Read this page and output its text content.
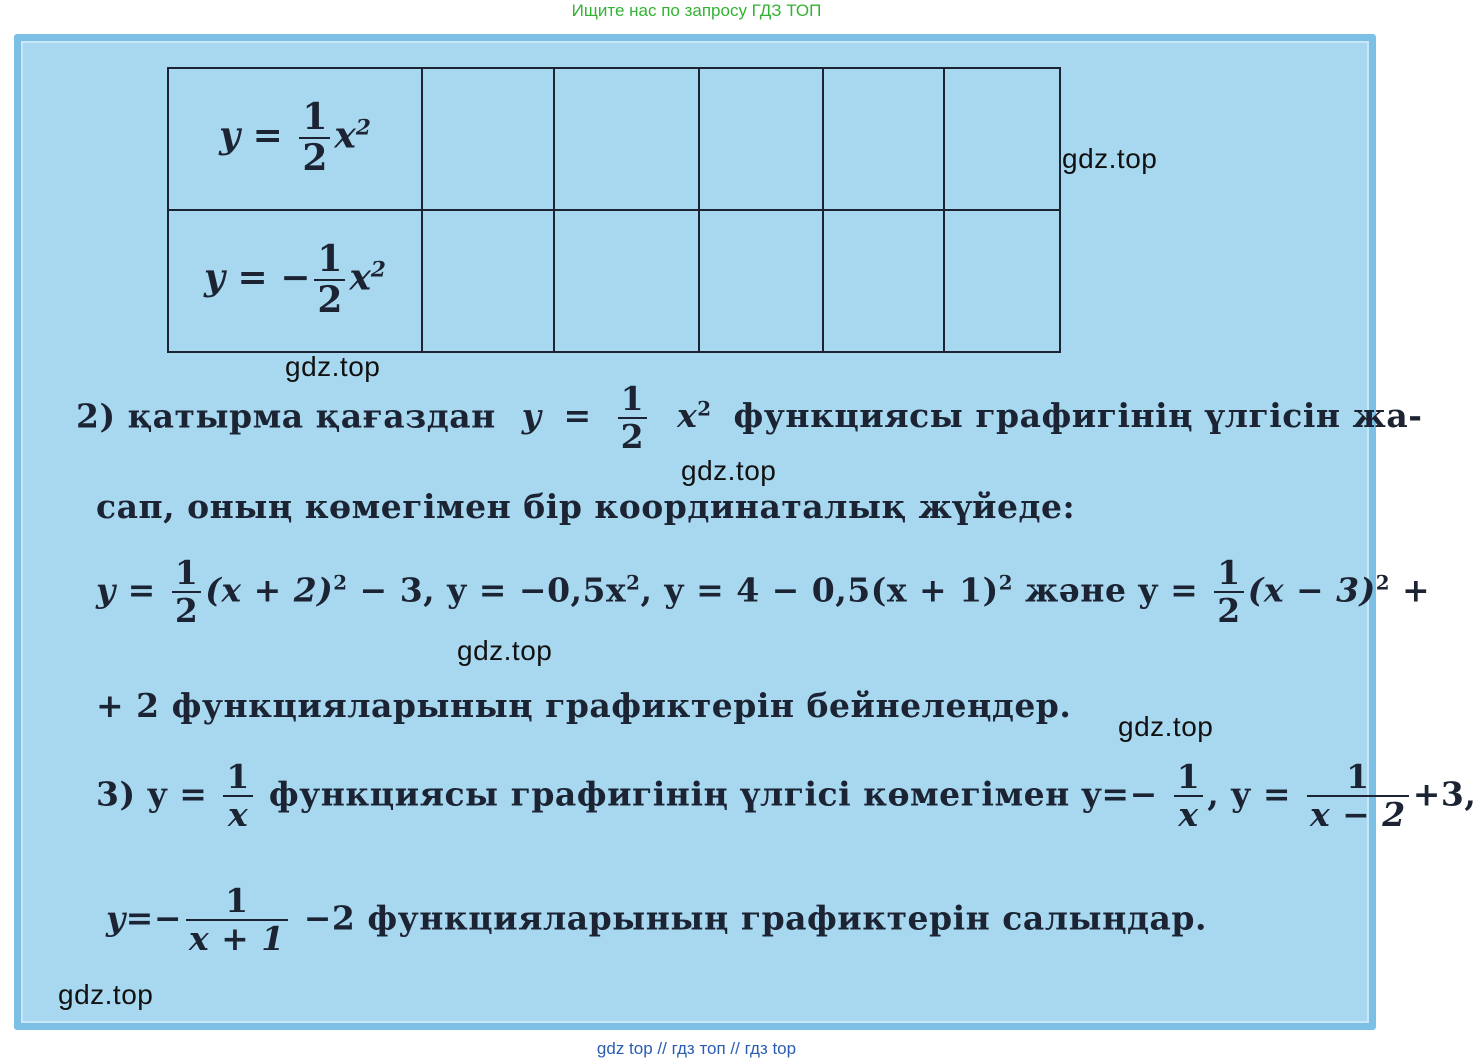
Ищите нас по запросу ГДЗ ТОП
$y = \frac{1}{2} x^2$					
y = − $\frac{1}{2} x^2$					
2) қатырма қағаздан $y = \frac{1}{2} x^2$ функциясы графигінің үлгісін жа-
сап, оның көмегімен бір координаталық жүйеде:
$y = \frac{1}{2} (x + 2)^2 - 3$, $y = -0,5x^2$, $y = 4 - 0,5(x + 1)^2$ және $y = \frac{1}{2} (x - 3)^2$ +
+ 2 функцияларының графиктерін бейнелеңдер.
3) $y = \frac{1}{x}$ функциясы графигінің үлгісі көмегімен $y=- \frac{1}{x}$ , $y = \frac{1}{x - 2} +3$,
$y=- \frac{1}{x + 1} -2$ функцияларының графиктерін салыңдар.
gdz.top
gdz.top
gdz.top
gdz.top
gdz.top
gdz.top
gdz top // гдз топ // гдз top
